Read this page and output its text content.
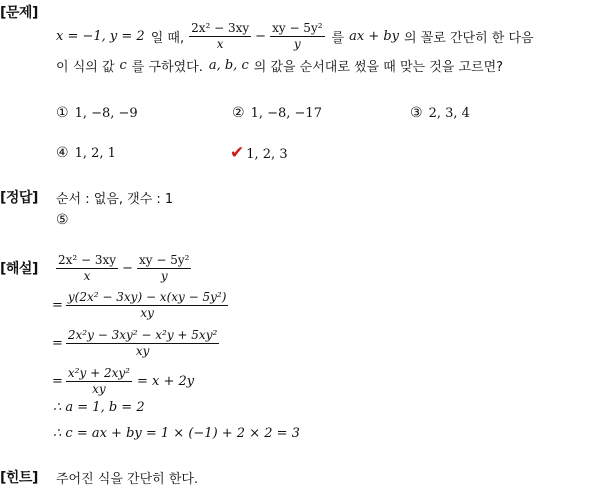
[문제]
[정답]
[해설]
[힌트]
x = −1, y = 2 일 때, $\frac{\text{2x² − 3xy}}{x} - \frac{\text{xy − 5y²}}{y}$ 를 ax + by 의 꼴로 간단히 한 다음
이 식의 값 c 를 구하였다. a, b, c 의 값을 순서대로 썼을 때 맞는 것을 고르면?
① 1, −8, −9	② 1, −8, −17	③ 2, 3, 4
④ 1, 2, 1	✔ 1, 2, 3
순서 : 없음, 갯수 : 1
⑤
$\frac{\text{2x² − 3xy}}{x} - \frac{\text{xy − 5y²}}{y}$
= $\frac{\text{y(2x² − 3xy) − x(xy − 5y²)}}{xy}$
= $\frac{\text{2x²y − 3xy² − x²y + 5xy²}}{xy}$
= $\frac{\text{x²y + 2xy²}}{xy} = x + 2y$
∴ a = 1, b = 2
∴ c = ax + by = 1 × (−1) + 2 × 2 = 3
주어진 식을 간단히 한다.
